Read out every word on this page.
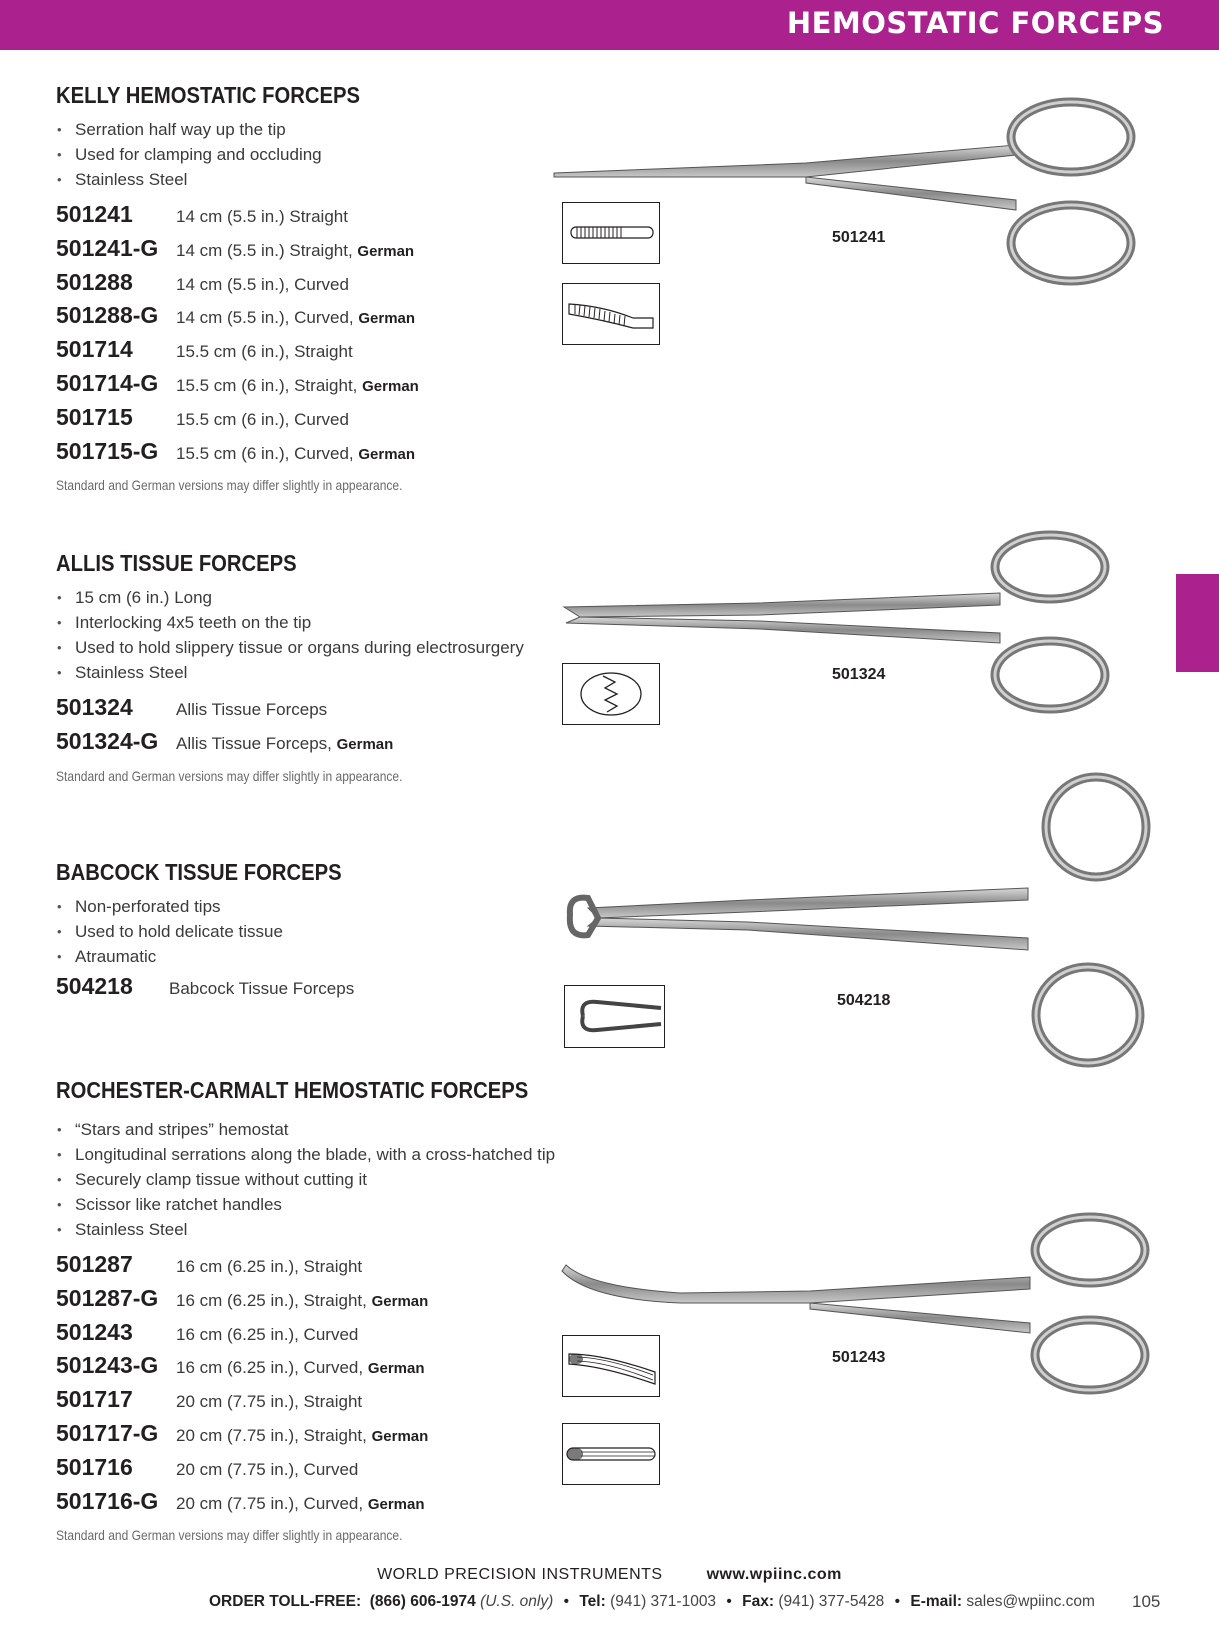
HEMOSTATIC FORCEPS
KELLY HEMOSTATIC FORCEPS
• Serration half way up the tip
• Used for clamping and occluding
• Stainless Steel
501241	14 cm (5.5 in.) Straight
501241-G	14 cm (5.5 in.) Straight, German
501288	14 cm (5.5 in.), Curved
501288-G	14 cm (5.5 in.), Curved, German
501714	15.5 cm (6 in.), Straight
501714-G	15.5 cm (6 in.), Straight, German
501715	15.5 cm (6 in.), Curved
501715-G	15.5 cm (6 in.), Curved, German
Standard and German versions may differ slightly in appearance.
501241
ALLIS TISSUE FORCEPS
• 15 cm (6 in.) Long
• Interlocking 4x5 teeth on the tip
• Used to hold slippery tissue or organs during electrosurgery
• Stainless Steel
501324	Allis Tissue Forceps
501324-G	Allis Tissue Forceps, German
Standard and German versions may differ slightly in appearance.
501324
BABCOCK TISSUE FORCEPS
• Non-perforated tips
• Used to hold delicate tissue
• Atraumatic
504218	Babcock Tissue Forceps
504218
ROCHESTER-CARMALT HEMOSTATIC FORCEPS
• “Stars and stripes” hemostat
• Longitudinal serrations along the blade, with a cross-hatched tip
• Securely clamp tissue without cutting it
• Scissor like ratchet handles
• Stainless Steel
501287	16 cm (6.25 in.), Straight
501287-G	16 cm (6.25 in.), Straight, German
501243	16 cm (6.25 in.), Curved
501243-G	16 cm (6.25 in.), Curved, German
501717	20 cm (7.75 in.), Straight
501717-G	20 cm (7.75 in.), Straight, German
501716	20 cm (7.75 in.), Curved
501716-G	20 cm (7.75 in.), Curved, German
Standard and German versions may differ slightly in appearance.
501243
WORLD PRECISION INSTRUMENTS	www.wpiinc.com
ORDER TOLL-FREE: (866) 606-1974 (U.S. only) • Tel: (941) 371-1003 • Fax: (941) 377-5428 • E-mail: sales@wpiinc.com 105
